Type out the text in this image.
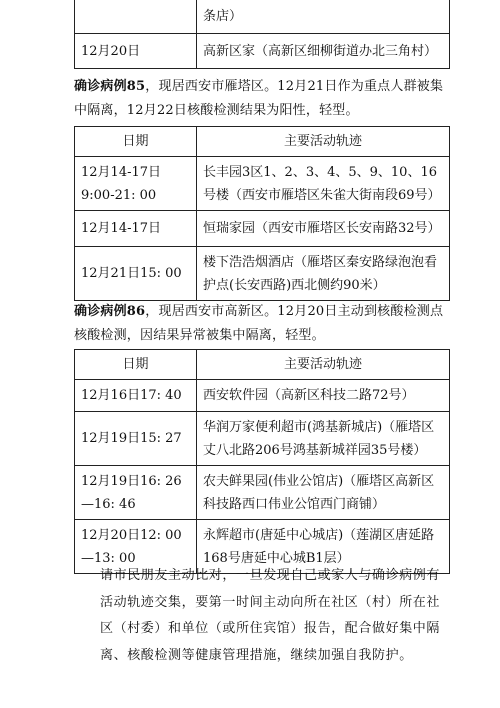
	条店）
12月20日	高新区家（高新区细柳街道办北三角村）
确诊病例85，现居西安市雁塔区。12月21日作为重点人群被集中隔离，12月22日核酸检测结果为阳性，轻型。
日期	主要活动轨迹
12月14-17日 9:00-21: 00	长丰园3区1、2、3、4、5、9、10、16号楼（西安市雁塔区朱雀大街南段69号）
12月14-17日	恒瑞家园（西安市雁塔区长安南路32号）
12月21日15: 00	楼下浩浩烟酒店（雁塔区秦安路绿泡泡看护点(长安西路)西北侧约90米）
确诊病例86，现居西安市高新区。12月20日主动到核酸检测点核酸检测，因结果异常被集中隔离，轻型。
日期	主要活动轨迹
12月16日17: 40	西安软件园（高新区科技二路72号）
12月19日15: 27	华润万家便利超市(鸿基新城店)（雁塔区丈八北路206号鸿基新城祥园35号楼）
12月19日16: 26—16: 46	农夫鲜果园(伟业公馆店)（雁塔区高新区科技路西口伟业公馆西门商铺）
12月20日12: 00—13: 00	永辉超市(唐延中心城店)（莲湖区唐延路168号唐延中心城B1层）
请市民朋友主动比对，一旦发现自己或家人与确诊病例有活动轨迹交集，要第一时间主动向所在社区（村）所在社区（村委）和单位（或所住宾馆）报告，配合做好集中隔离、核酸检测等健康管理措施，继续加强自我防护。
